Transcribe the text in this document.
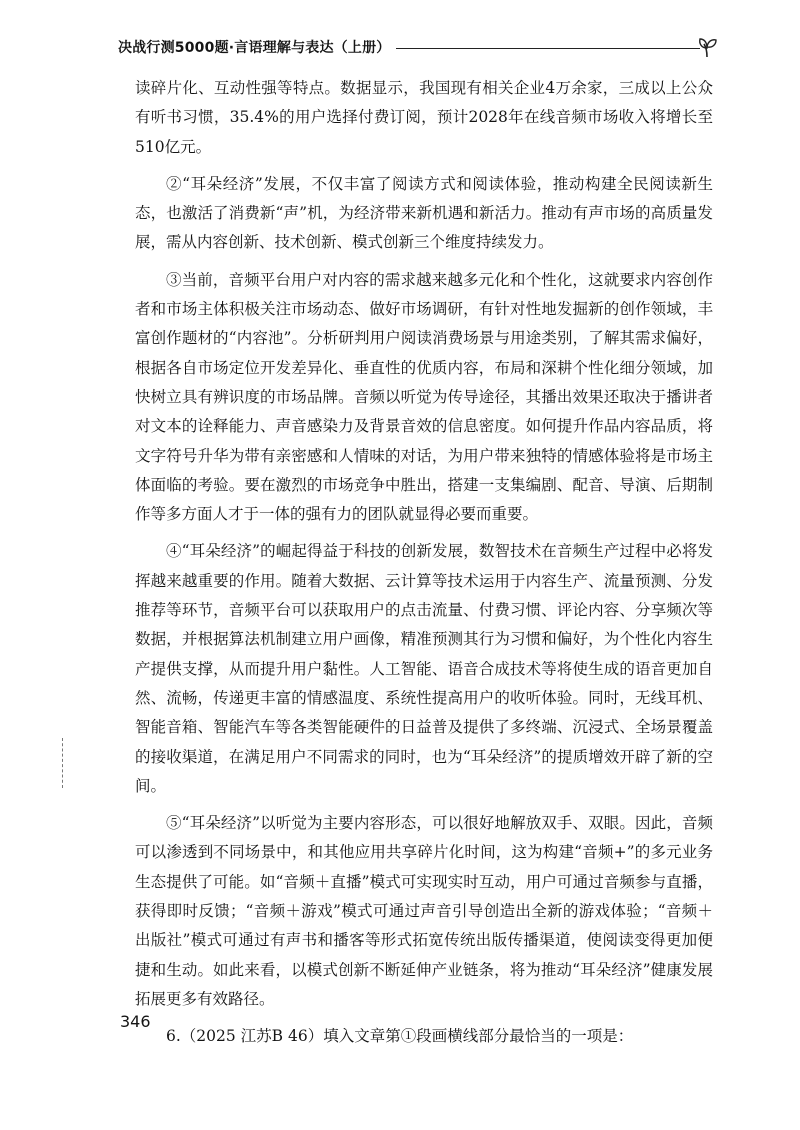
决战行测5000题·言语理解与表达（上册）

读碎片化、互动性强等特点。数据显示，我国现有相关企业4万余家，三成以上公众有听书习惯，35.4%的用户选择付费订阅，预计2028年在线音频市场收入将增长至510亿元。

②“耳朵经济”发展，不仅丰富了阅读方式和阅读体验，推动构建全民阅读新生态，也激活了消费新“声”机，为经济带来新机遇和新活力。推动有声市场的高质量发展，需从内容创新、技术创新、模式创新三个维度持续发力。

③当前，音频平台用户对内容的需求越来越多元化和个性化，这就要求内容创作者和市场主体积极关注市场动态、做好市场调研，有针对性地发掘新的创作领域，丰富创作题材的“内容池”。分析研判用户阅读消费场景与用途类别，了解其需求偏好，根据各自市场定位开发差异化、垂直性的优质内容，布局和深耕个性化细分领域，加快树立具有辨识度的市场品牌。音频以听觉为传导途径，其播出效果还取决于播讲者对文本的诠释能力、声音感染力及背景音效的信息密度。如何提升作品内容品质，将文字符号升华为带有亲密感和人情味的对话，为用户带来独特的情感体验将是市场主体面临的考验。要在激烈的市场竞争中胜出，搭建一支集编剧、配音、导演、后期制作等多方面人才于一体的强有力的团队就显得必要而重要。

④“耳朵经济”的崛起得益于科技的创新发展，数智技术在音频生产过程中必将发挥越来越重要的作用。随着大数据、云计算等技术运用于内容生产、流量预测、分发推荐等环节，音频平台可以获取用户的点击流量、付费习惯、评论内容、分享频次等数据，并根据算法机制建立用户画像，精准预测其行为习惯和偏好，为个性化内容生产提供支撑，从而提升用户黏性。人工智能、语音合成技术等将使生成的语音更加自然、流畅，传递更丰富的情感温度、系统性提高用户的收听体验。同时，无线耳机、智能音箱、智能汽车等各类智能硬件的日益普及提供了多终端、沉浸式、全场景覆盖的接收渠道，在满足用户不同需求的同时，也为“耳朵经济”的提质增效开辟了新的空间。

⑤“耳朵经济”以听觉为主要内容形态，可以很好地解放双手、双眼。因此，音频可以渗透到不同场景中，和其他应用共享碎片化时间，这为构建“音频+”的多元业务生态提供了可能。如“音频＋直播”模式可实现实时互动，用户可通过音频参与直播，获得即时反馈；“音频＋游戏”模式可通过声音引导创造出全新的游戏体验；“音频＋出版社”模式可通过有声书和播客等形式拓宽传统出版传播渠道，使阅读变得更加便捷和生动。如此来看，以模式创新不断延伸产业链条，将为推动“耳朵经济”健康发展拓展更多有效路径。

6.（2025 江苏B 46）填入文章第①段画横线部分最恰当的一项是：

346
